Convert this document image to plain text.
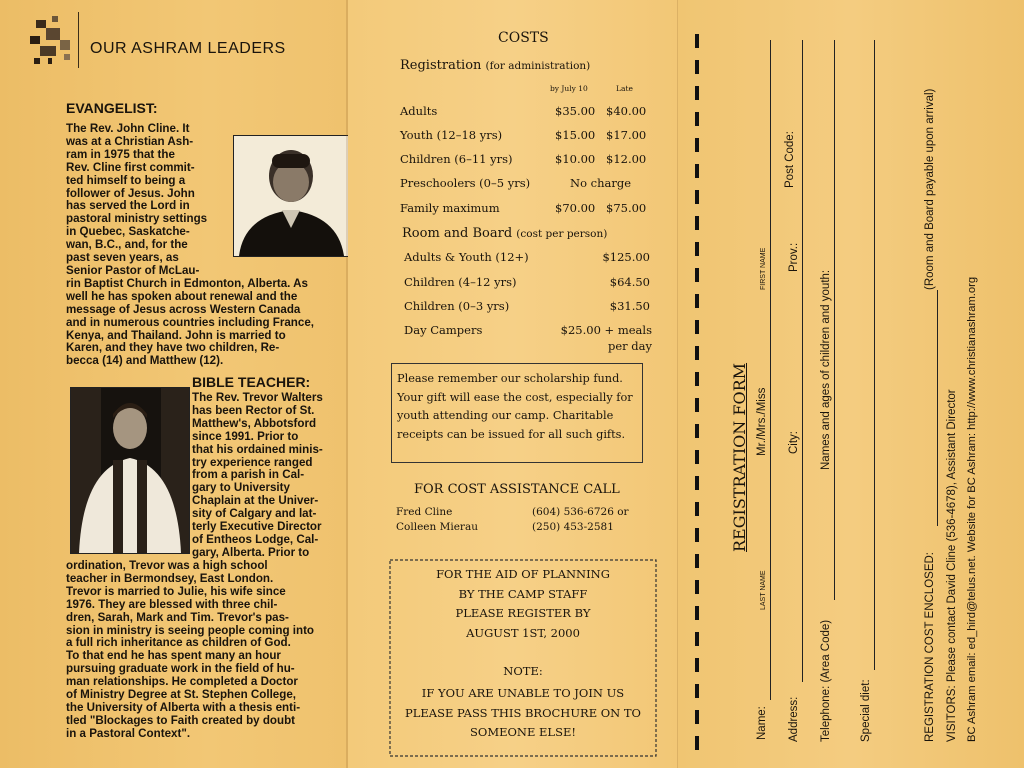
OUR ASHRAM LEADERS
EVANGELIST:
The Rev. John Cline. It
was at a Christian Ash-
ram in 1975 that the
Rev. Cline first commit-
ted himself to being a
follower of Jesus. John
has served the Lord in
pastoral ministry settings
in Quebec, Saskatche-
wan, B.C., and, for the
past seven years, as
Senior Pastor of McLau-
rin Baptist Church in Edmonton, Alberta. As
well he has spoken about renewal and the
message of Jesus across Western Canada
and in numerous countries including France,
Kenya, and Thailand. John is married to
Karen, and they have two children, Re-
becca (14) and Matthew (12).
BIBLE TEACHER:
The Rev. Trevor Walters
has been Rector of St.
Matthew's, Abbotsford
since 1991. Prior to
that his ordained minis-
try experience ranged
from a parish in Cal-
gary to University
Chaplain at the Univer-
sity of Calgary and lat-
terly Executive Director
of Entheos Lodge, Cal-
gary, Alberta. Prior to
ordination, Trevor was a high school
teacher in Bermondsey, East London.
Trevor is married to Julie, his wife since
1976. They are blessed with three chil-
dren, Sarah, Mark and Tim. Trevor's pas-
sion in ministry is seeing people coming into
a full rich inheritance as children of God.
To that end he has spent many an hour
pursuing graduate work in the field of hu-
man relationships. He completed a Doctor
of Ministry Degree at St. Stephen College,
the University of Alberta with a thesis enti-
tled "Blockages to Faith created by doubt
in a Pastoral Context".
COSTS
Registration (for administration)
by July 10	Late
Adults	$35.00 $40.00
Youth (12–18 yrs)	$15.00 $17.00
Children (6–11 yrs)	$10.00 $12.00
Preschoolers (0–5 yrs)	No charge
Family maximum	$70.00 $75.00
Room and Board (cost per person)
Adults & Youth (12+)	$125.00
Children (4–12 yrs)	$64.50
Children (0–3 yrs)	$31.50
Day Campers	$25.00 + meals
per day
Please remember our scholarship fund.
Your gift will ease the cost, especially for
youth attending our camp. Charitable
receipts can be issued for all such gifts.
FOR COST ASSISTANCE CALL
Fred Cline	(604) 536-6726 or
Colleen Mierau	(250) 453-2581
FOR THE AID OF PLANNING
BY THE CAMP STAFF
PLEASE REGISTER BY
AUGUST 1ST, 2000
NOTE:
IF YOU ARE UNABLE TO JOIN US
PLEASE PASS THIS BROCHURE ON TO
SOMEONE ELSE!
REGISTRATION FORM
Name:
LAST NAME
Mr./Mrs./Miss
FIRST NAME
Address:
City:
Prov.:
Post Code:
Telephone: (Area Code)
Names and ages of children and youth:
Special diet:	REGISTRATION COST ENCLOSED:
(Room and Board payable upon arrival)
VISITORS: Please contact David Cline (536-4678), Assistant Director BC Ashram email: ed_hird@telus.net. Website for BC Ashram: http://www.christianashram.org
